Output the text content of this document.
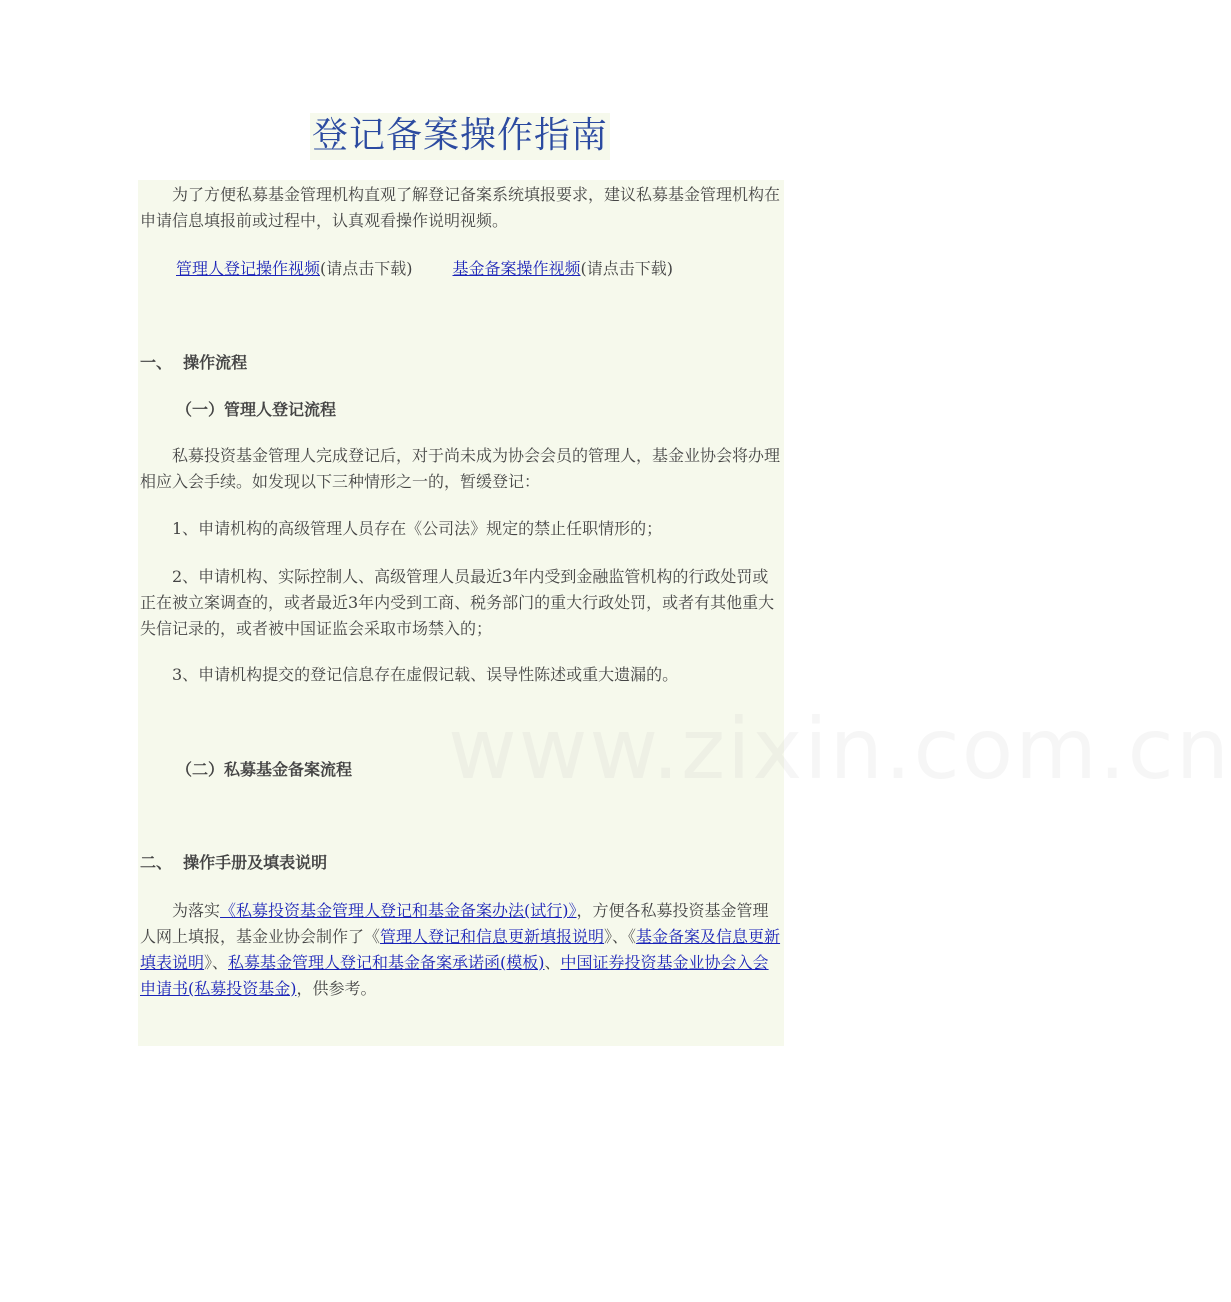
登记备案操作指南

为了方便私募基金管理机构直观了解登记备案系统填报要求，建议私募基金管理机构在申请信息填报前或过程中，认真观看操作说明视频。

管理人登记操作视频(请点击下载)	基金备案操作视频(请点击下载)
一、  操作流程
（一）管理人登记流程

私募投资基金管理人完成登记后，对于尚未成为协会会员的管理人，基金业协会将办理相应入会手续。如发现以下三种情形之一的，暂缓登记：

1、申请机构的高级管理人员存在《公司法》规定的禁止任职情形的；

2、申请机构、实际控制人、高级管理人员最近3年内受到金融监管机构的行政处罚或正在被立案调查的，或者最近3年内受到工商、税务部门的重大行政处罚，或者有其他重大失信记录的，或者被中国证监会采取市场禁入的；

3、申请机构提交的登记信息存在虚假记载、误导性陈述或重大遗漏的。

（二）私募基金备案流程	www.zixin.com.cn
二、  操作手册及填表说明

为落实《私募投资基金管理人登记和基金备案办法(试行)》，方便各私募投资基金管理人网上填报，基金业协会制作了《管理人登记和信息更新填报说明》、《基金备案及信息更新填表说明》、私募基金管理人登记和基金备案承诺函(模板)、中国证券投资基金业协会入会申请书(私募投资基金)，供参考。
